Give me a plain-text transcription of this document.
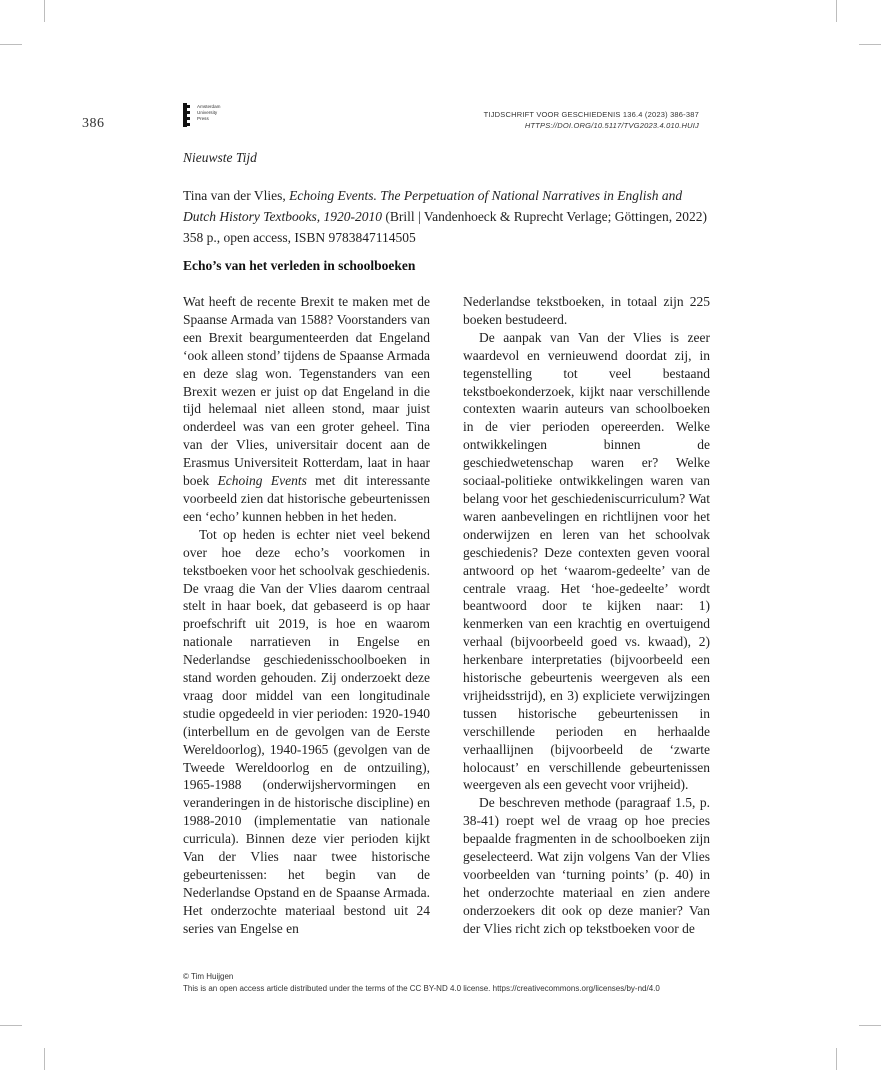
386
Amsterdam
University
Press	TIJDSCHRIFT VOOR GESCHIEDENIS 136.4 (2023) 386-387
HTTPS://DOI.ORG/10.5117/TVG2023.4.010.HUIJ
Nieuwste Tijd
Tina van der Vlies, Echoing Events. The Perpetuation of National Narratives in English and Dutch History Textbooks, 1920-2010 (Brill | Vandenhoeck & Ruprecht Verlage; Göttingen, 2022) 358 p., open access, ISBN 9783847114505
Echo’s van het verleden in schoolboeken

Wat heeft de recente Brexit te maken met de Spaanse Armada van 1588? Voorstanders van een Brexit beargumenteerden dat Engeland ‘ook alleen stond’ tijdens de Spaanse Armada en deze slag won. Tegenstanders van een Brexit wezen er juist op dat Engeland in die tijd helemaal niet alleen stond, maar juist onderdeel was van een groter geheel. Tina van der Vlies, universitair docent aan de Erasmus Universiteit Rotterdam, laat in haar boek Echoing Events met dit interessante voorbeeld zien dat historische gebeurtenissen een ‘echo’ kunnen hebben in het heden.

Tot op heden is echter niet veel bekend over hoe deze echo’s voorkomen in tekstboeken voor het schoolvak geschiedenis. De vraag die Van der Vlies daarom centraal stelt in haar boek, dat gebaseerd is op haar proefschrift uit 2019, is hoe en waarom nationale narratieven in Engelse en Nederlandse geschiedenisschoolboeken in stand worden gehouden. Zij onderzoekt deze vraag door middel van een longitudinale studie opgedeeld in vier perioden: 1920-1940 (interbellum en de gevolgen van de Eerste Wereldoorlog), 1940-1965 (gevolgen van de Tweede Wereldoorlog en de ontzuiling), 1965-1988 (onderwijshervormingen en veranderingen in de historische discipline) en 1988-2010 (implementatie van nationale curricula). Binnen deze vier perioden kijkt Van der Vlies naar twee historische gebeurtenissen: het begin van de Nederlandse Opstand en de Spaanse Armada. Het onderzochte materiaal bestond uit 24 series van Engelse en

Nederlandse tekstboeken, in totaal zijn 225 boeken bestudeerd.

De aanpak van Van der Vlies is zeer waardevol en vernieuwend doordat zij, in tegenstelling tot veel bestaand tekstboekonderzoek, kijkt naar verschillende contexten waarin auteurs van schoolboeken in de vier perioden opereerden. Welke ontwikkelingen binnen de geschiedwetenschap waren er? Welke sociaal-politieke ontwikkelingen waren van belang voor het geschiedeniscurriculum? Wat waren aanbevelingen en richtlijnen voor het onderwijzen en leren van het schoolvak geschiedenis? Deze contexten geven vooral antwoord op het ‘waarom-gedeelte’ van de centrale vraag. Het ‘hoe-gedeelte’ wordt beantwoord door te kijken naar: 1) kenmerken van een krachtig en overtuigend verhaal (bijvoorbeeld goed vs. kwaad), 2) herkenbare interpretaties (bijvoorbeeld een historische gebeurtenis weergeven als een vrijheidsstrijd), en 3) expliciete verwijzingen tussen historische gebeurtenissen in verschillende perioden en herhaalde verhaallijnen (bijvoorbeeld de ‘zwarte holocaust’ en verschillende gebeurtenissen weergeven als een gevecht voor vrijheid).

De beschreven methode (paragraaf 1.5, p. 38-41) roept wel de vraag op hoe precies bepaalde fragmenten in de schoolboeken zijn geselecteerd. Wat zijn volgens Van der Vlies voorbeelden van ‘turning points’ (p. 40) in het onderzochte materiaal en zien andere onderzoekers dit ook op deze manier? Van der Vlies richt zich op tekstboeken voor de

© Tim Huijgen
This is an open access article distributed under the terms of the CC BY-ND 4.0 license. https://creativecommons.org/licenses/by-nd/4.0
